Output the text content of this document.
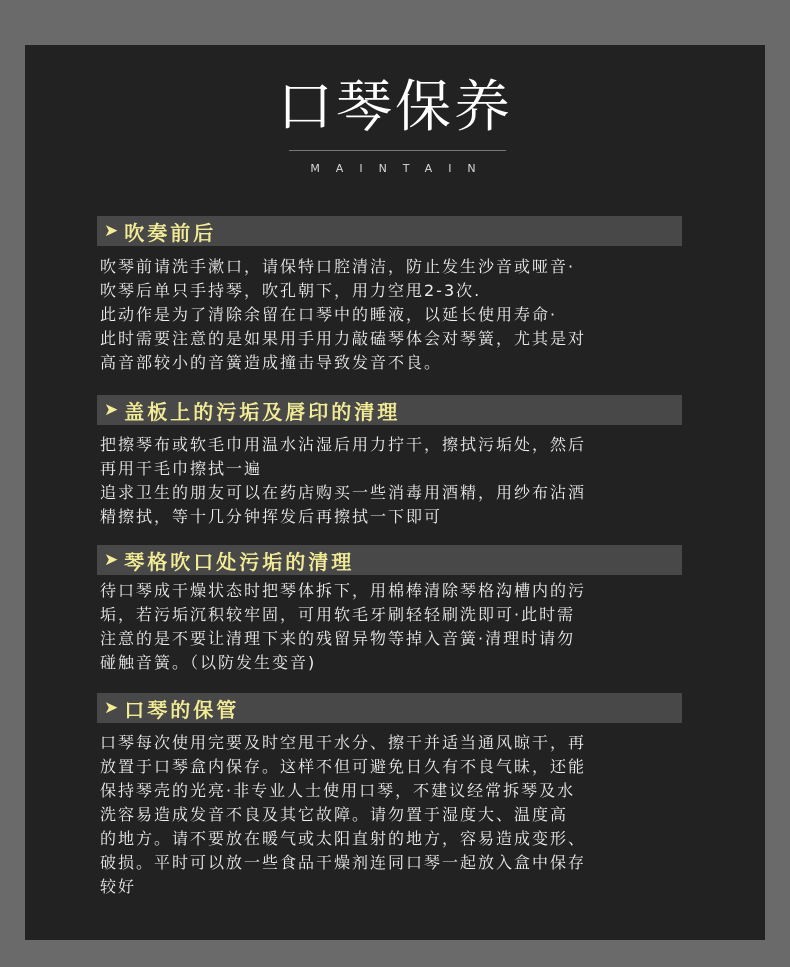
口琴保养
MAINTAIN
➤ 吹奏前后
吹琴前请洗手漱口，请保特口腔清洁，防止发生沙音或哑音·
吹琴后单只手持琴，吹孔朝下，用力空甩2-3次.
此动作是为了清除余留在口琴中的睡液，以延长使用寿命·
此时需要注意的是如果用手用力敲磕琴体会对琴簧，尤其是对
高音部较小的音簧造成撞击导致发音不良。
➤ 盖板上的污垢及唇印的清理
把擦琴布或软毛巾用温水沾湿后用力拧干，擦拭污垢处，然后
再用干毛巾擦拭一遍
追求卫生的朋友可以在药店购买一些消毒用酒精，用纱布沾酒
精擦拭，等十几分钟挥发后再擦拭一下即可
➤ 琴格吹口处污垢的清理
待口琴成干燥状态时把琴体拆下，用棉棒清除琴格沟槽内的污
垢，若污垢沉积较牢固，可用软毛牙刷轻轻刷洗即可·此时需
注意的是不要让清理下来的残留异物等掉入音簧·清理时请勿
碰触音簧。（以防发生变音)
➤ 口琴的保管
口琴每次使用完要及时空甩干水分、擦干并适当通风晾干，再
放置于口琴盒内保存。这样不但可避免日久有不良气昧，还能
保持琴壳的光亮·非专业人士使用口琴，不建议经常拆琴及水
洗容易造成发音不良及其它故障。请勿置于湿度大、温度高
的地方。请不要放在暖气或太阳直射的地方，容易造成变形、
破损。平时可以放一些食品干燥剂连同口琴一起放入盒中保存
较好
